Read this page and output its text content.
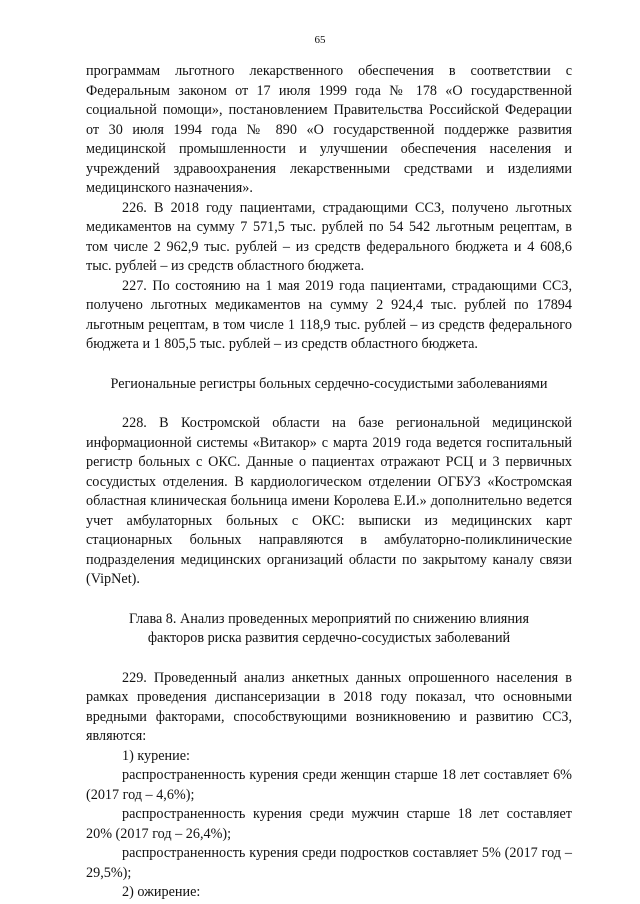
65

программам льготного лекарственного обеспечения в соответствии с Федеральным законом от 17 июля 1999 года № 178 «О государственной социальной помощи», постановлением Правительства Российской Федерации от 30 июля 1994 года № 890 «О государственной поддержке развития медицинской промышленности и улучшении обеспечения населения и учреждений здравоохранения лекарственными средствами и изделиями медицинского назначения».

226. В 2018 году пациентами, страдающими ССЗ, получено льготных медикаментов на сумму 7 571,5 тыс. рублей по 54 542 льготным рецептам, в том числе 2 962,9 тыс. рублей – из средств федерального бюджета и 4 608,6 тыс. рублей – из средств областного бюджета.

227. По состоянию на 1 мая 2019 года пациентами, страдающими ССЗ, получено льготных медикаментов на сумму 2 924,4 тыс. рублей по 17894 льготным рецептам, в том числе 1 118,9 тыс. рублей – из средств федерального бюджета и 1 805,5 тыс. рублей – из средств областного бюджета.

Региональные регистры больных сердечно-сосудистыми заболеваниями

228. В Костромской области на базе региональной медицинской информационной системы «Витакор» с марта 2019 года ведется госпитальный регистр больных с ОКС. Данные о пациентах отражают РСЦ и 3 первичных сосудистых отделения. В кардиологическом отделении ОГБУЗ «Костромская областная клиническая больница имени Королева Е.И.» дополнительно ведется учет амбулаторных больных с ОКС: выписки из медицинских карт стационарных больных направляются в амбулаторно-поликлинические подразделения медицинских организаций области по закрытому каналу связи (VipNet).

Глава 8. Анализ проведенных мероприятий по снижению влияния

факторов риска развития сердечно-сосудистых заболеваний

229. Проведенный анализ анкетных данных опрошенного населения в рамках проведения диспансеризации в 2018 году показал, что основными вредными факторами, способствующими возникновению и развитию ССЗ, являются:

1) курение:

распространенность курения среди женщин старше 18 лет составляет 6% (2017 год – 4,6%);

распространенность курения среди мужчин старше 18 лет составляет 20% (2017 год – 26,4%);

распространенность курения среди подростков составляет 5% (2017 год – 29,5%);

2) ожирение:
